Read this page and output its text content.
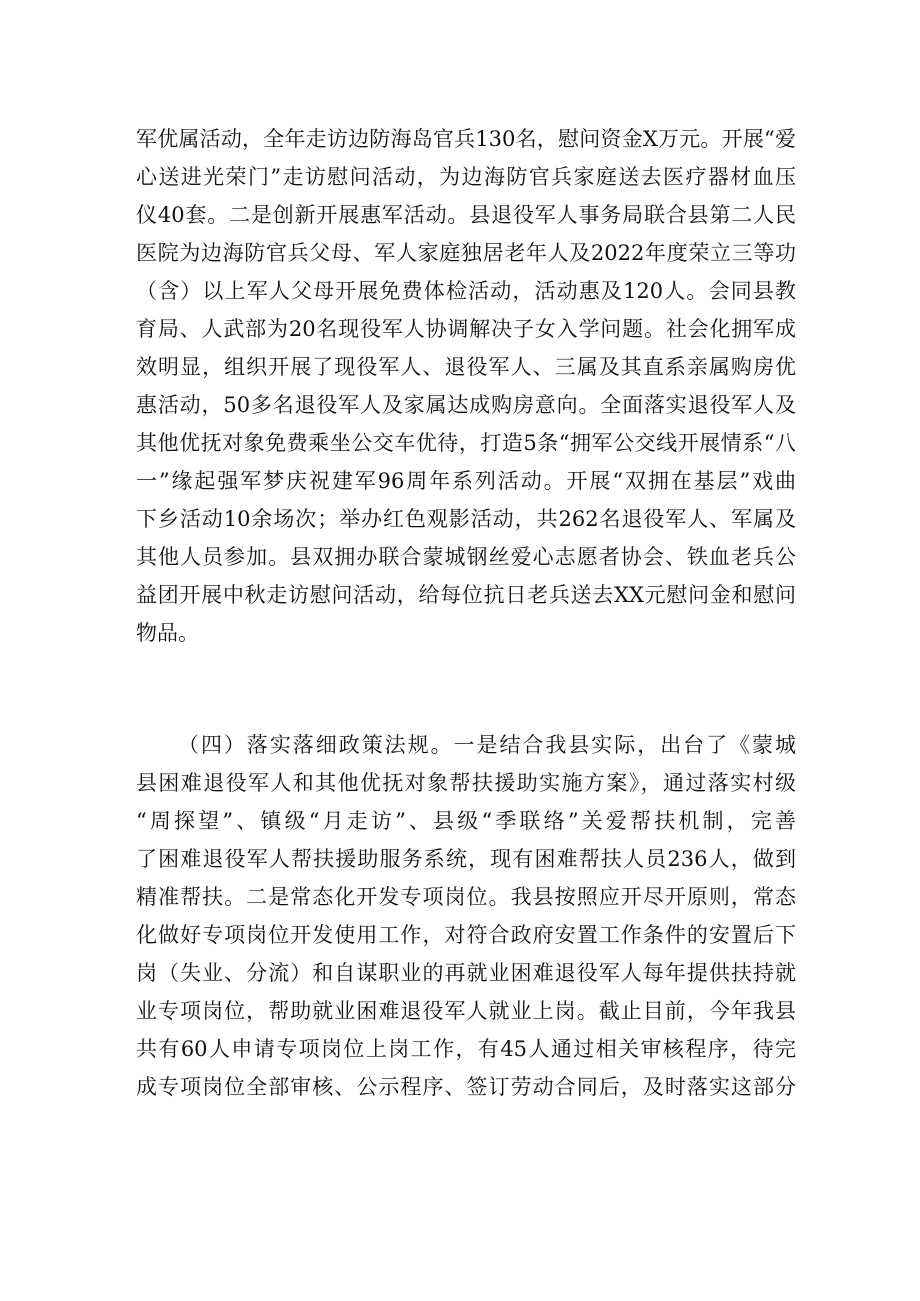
军优属活动，全年走访边防海岛官兵130名，慰问资金X万元。开展“爱
心送进光荣门”走访慰问活动，为边海防官兵家庭送去医疗器材血压
仪40套。二是创新开展惠军活动。县退役军人事务局联合县第二人民
医院为边海防官兵父母、军人家庭独居老年人及2022年度荣立三等功
（含）以上军人父母开展免费体检活动，活动惠及120人。会同县教
育局、人武部为20名现役军人协调解决子女入学问题。社会化拥军成
效明显，组织开展了现役军人、退役军人、三属及其直系亲属购房优
惠活动，50多名退役军人及家属达成购房意向。全面落实退役军人及
其他优抚对象免费乘坐公交车优待，打造5条“拥军公交线开展情系“八
一”缘起强军梦庆祝建军96周年系列活动。开展“双拥在基层”戏曲
下乡活动10余场次；举办红色观影活动，共262名退役军人、军属及
其他人员参加。县双拥办联合蒙城钢丝爱心志愿者协会、铁血老兵公
益团开展中秋走访慰问活动，给每位抗日老兵送去XX元慰问金和慰问
物品。
（四）落实落细政策法规。一是结合我县实际，出台了《蒙城
县困难退役军人和其他优抚对象帮扶援助实施方案》，通过落实村级
“周探望”、镇级“月走访”、县级“季联络”关爱帮扶机制，完善
了困难退役军人帮扶援助服务系统，现有困难帮扶人员236人，做到
精准帮扶。二是常态化开发专项岗位。我县按照应开尽开原则，常态
化做好专项岗位开发使用工作，对符合政府安置工作条件的安置后下
岗（失业、分流）和自谋职业的再就业困难退役军人每年提供扶持就
业专项岗位，帮助就业困难退役军人就业上岗。截止目前，今年我县
共有60人申请专项岗位上岗工作，有45人通过相关审核程序，待完
成专项岗位全部审核、公示程序、签订劳动合同后，及时落实这部分
